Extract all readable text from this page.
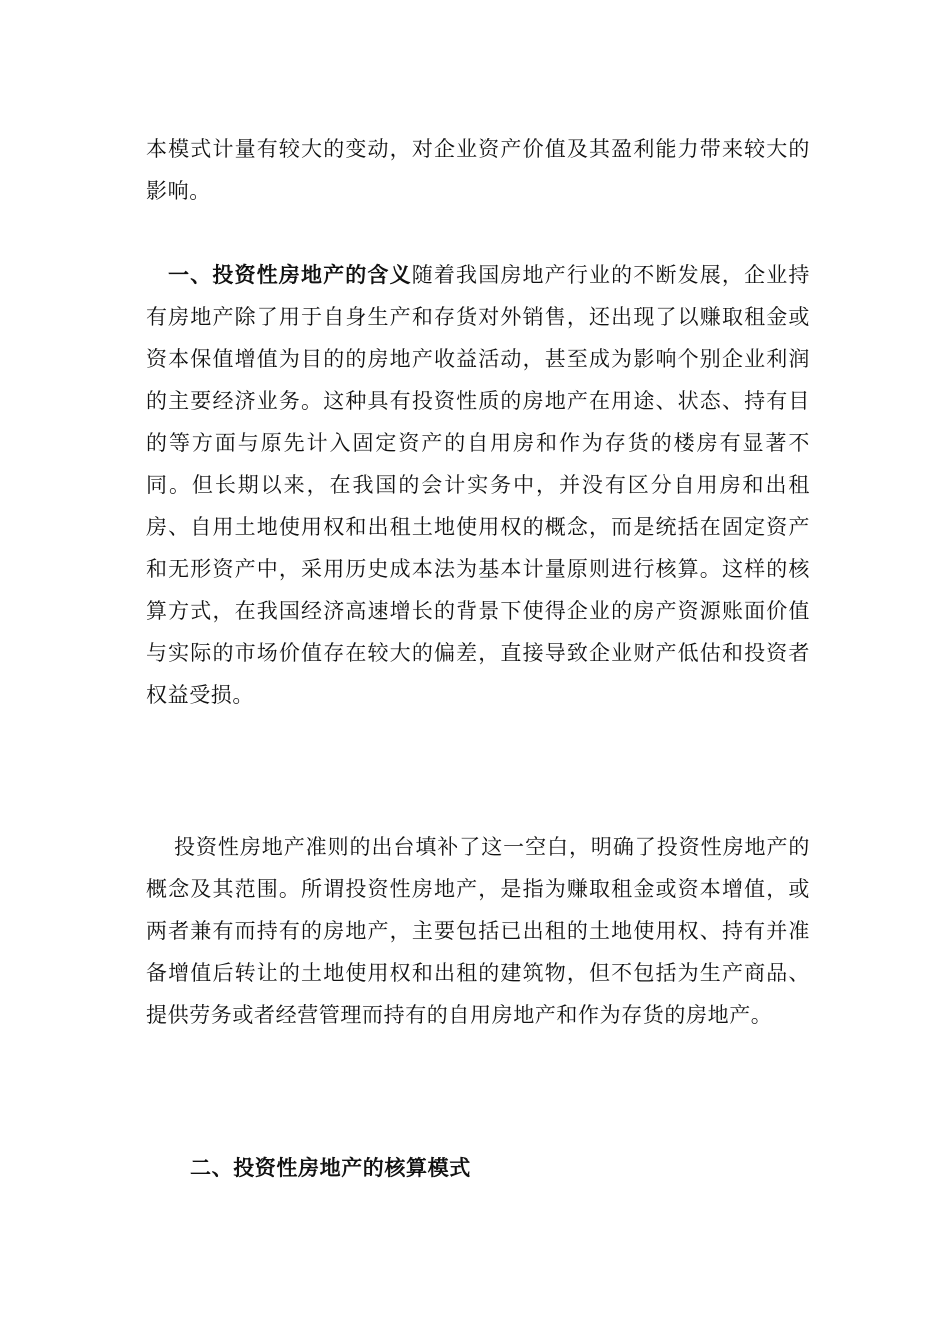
本模式计量有较大的变动，对企业资产价值及其盈利能力带来较大的影响。

一、投资性房地产的含义随着我国房地产行业的不断发展，企业持有房地产除了用于自身生产和存货对外销售，还出现了以赚取租金或资本保值增值为目的的房地产收益活动，甚至成为影响个别企业利润的主要经济业务。这种具有投资性质的房地产在用途、状态、持有目的等方面与原先计入固定资产的自用房和作为存货的楼房有显著不同。但长期以来，在我国的会计实务中，并没有区分自用房和出租房、自用土地使用权和出租土地使用权的概念，而是统括在固定资产和无形资产中，采用历史成本法为基本计量原则进行核算。这样的核算方式，在我国经济高速增长的背景下使得企业的房产资源账面价值与实际的市场价值存在较大的偏差，直接导致企业财产低估和投资者权益受损。

投资性房地产准则的出台填补了这一空白，明确了投资性房地产的概念及其范围。所谓投资性房地产，是指为赚取租金或资本增值，或两者兼有而持有的房地产，主要包括已出租的土地使用权、持有并准备增值后转让的土地使用权和出租的建筑物，但不包括为生产商品、提供劳务或者经营管理而持有的自用房地产和作为存货的房地产。

二、投资性房地产的核算模式
